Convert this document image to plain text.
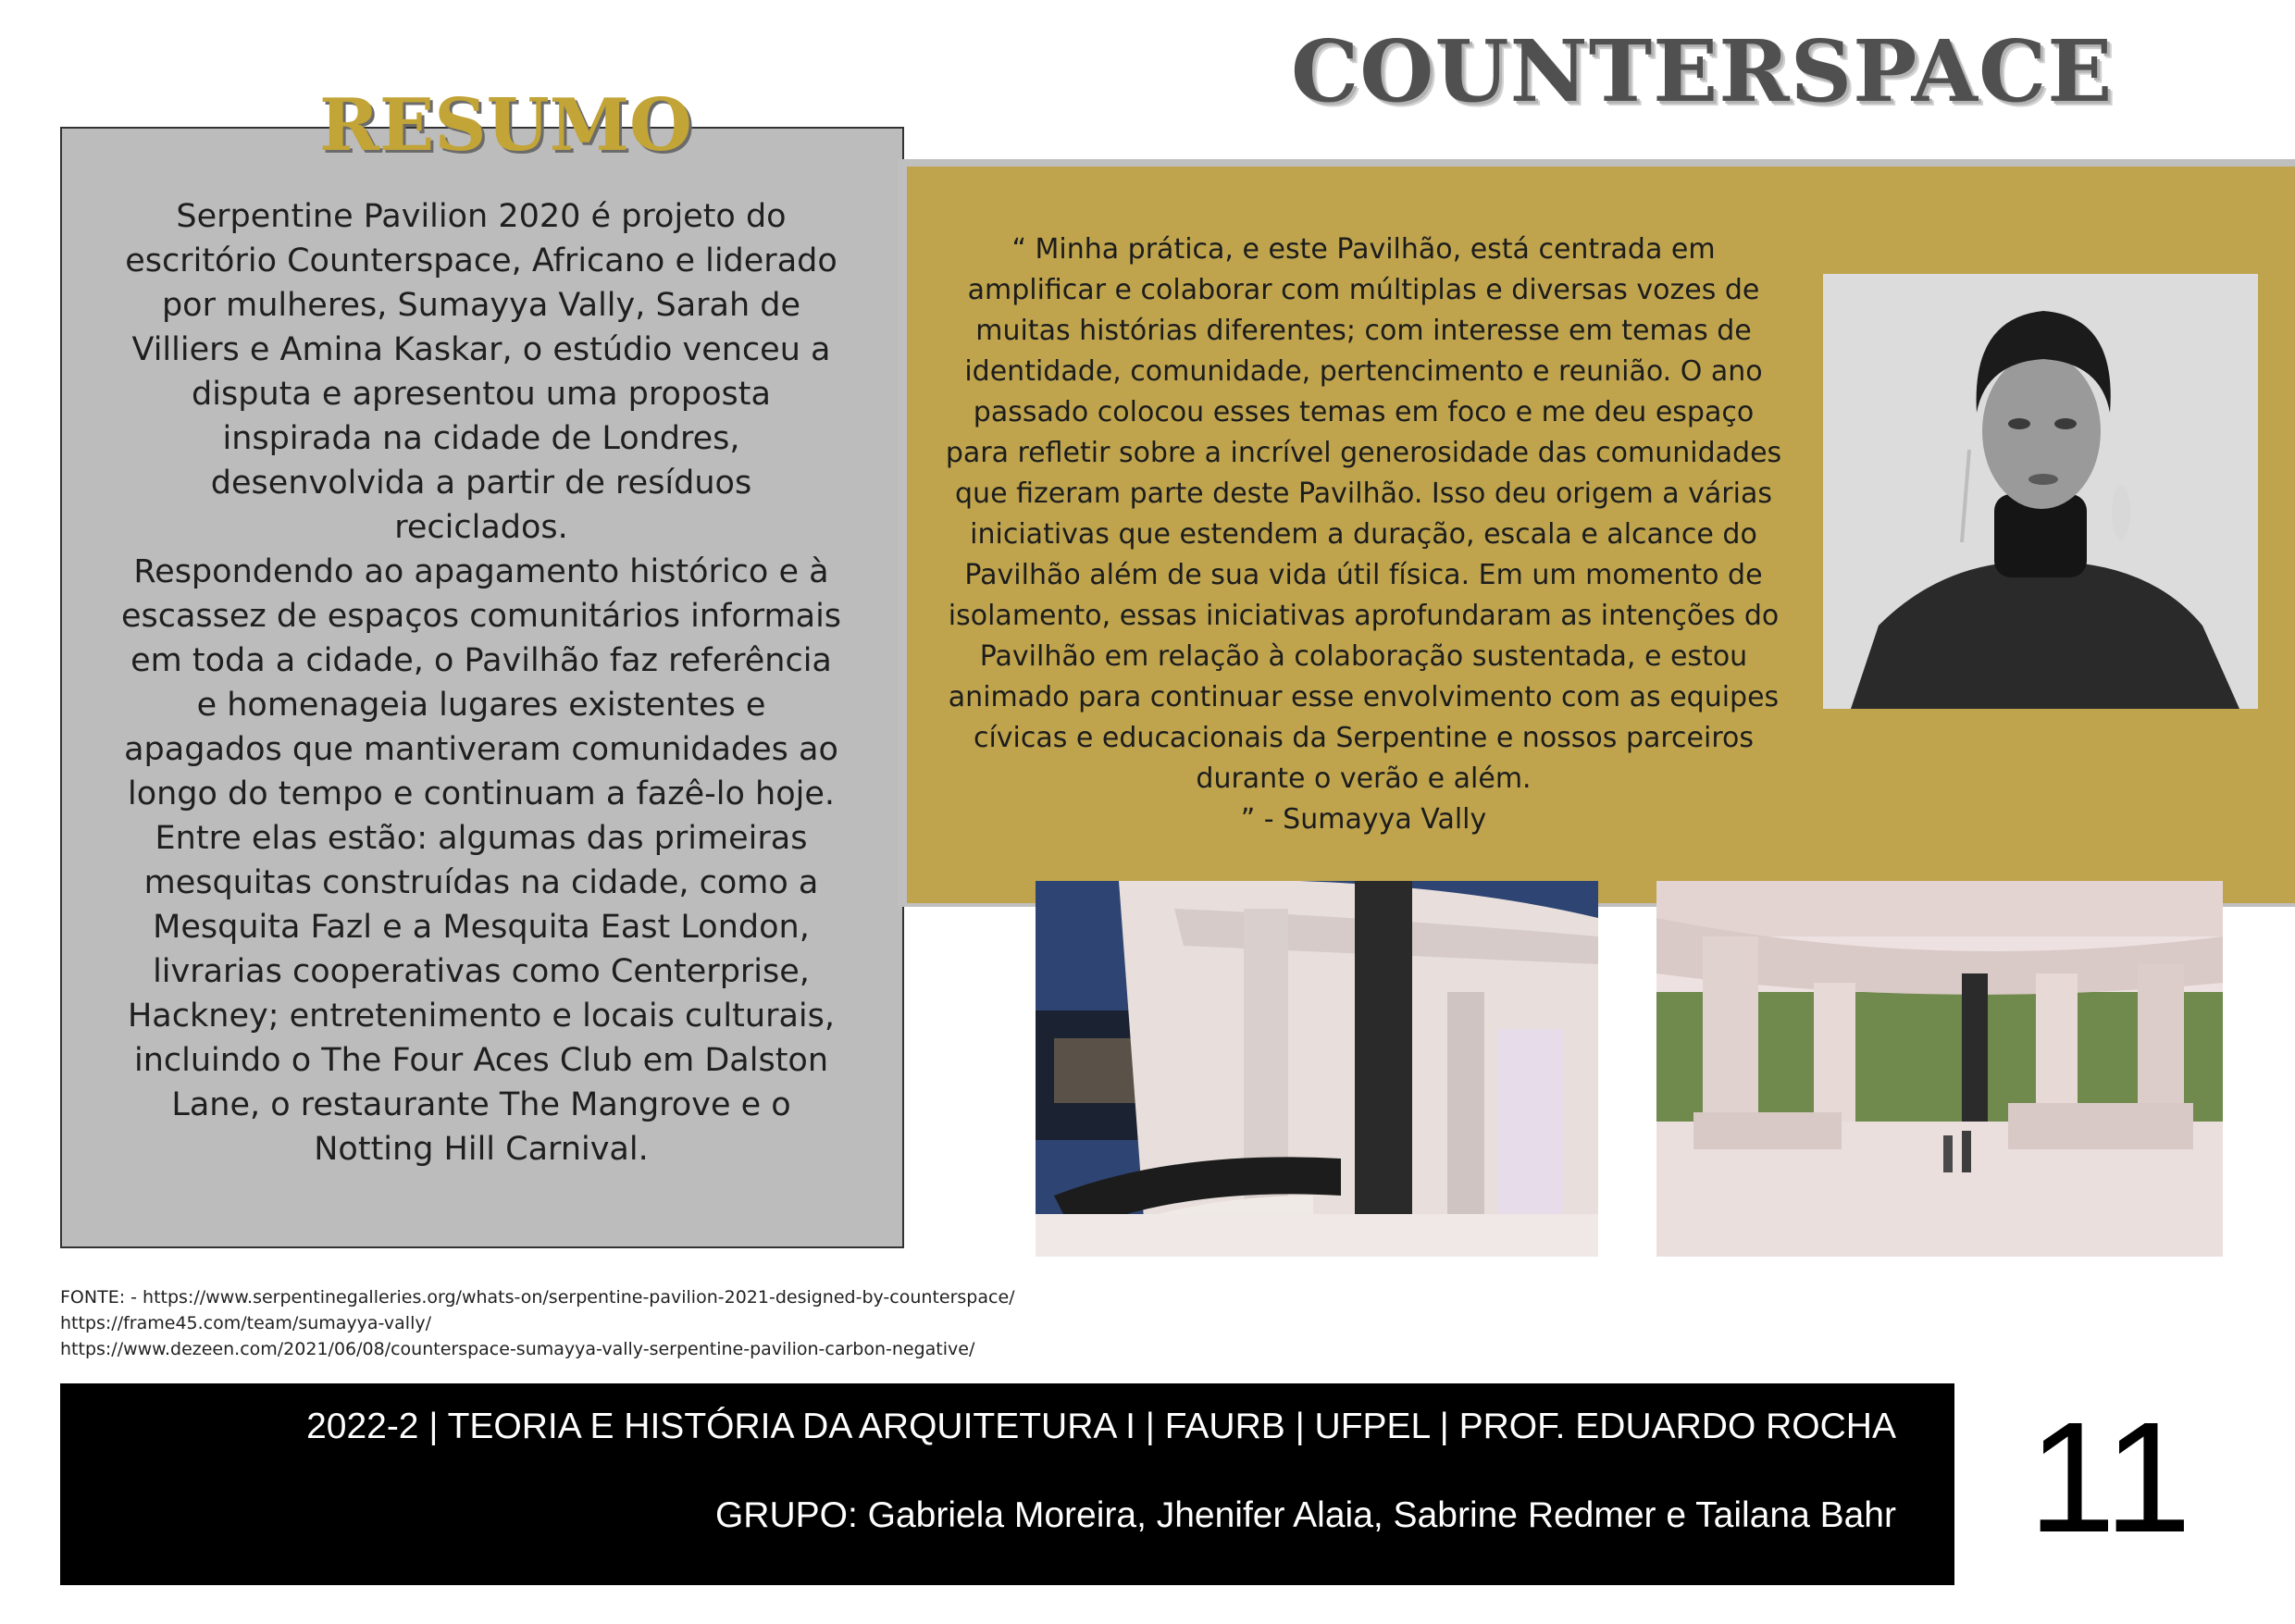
COUNTERSPACE
RESUMO

Serpentine Pavilion 2020 é projeto do escritório Counterspace, Africano e liderado por mulheres, Sumayya Vally, Sarah de Villiers e Amina Kaskar, o estúdio venceu a disputa e apresentou uma proposta inspirada na cidade de Londres, desenvolvida a partir de resíduos reciclados.

Respondendo ao apagamento histórico e à escassez de espaços comunitários informais em toda a cidade, o Pavilhão faz referência e homenageia lugares existentes e apagados que mantiveram comunidades ao longo do tempo e continuam a fazê-lo hoje. Entre elas estão: algumas das primeiras mesquitas construídas na cidade, como a Mesquita Fazl e a Mesquita East London, livrarias cooperativas como Centerprise, Hackney; entretenimento e locais culturais, incluindo o The Four Aces Club em Dalston Lane, o restaurante The Mangrove e o Notting Hill Carnival.

“ Minha prática, e este Pavilhão, está centrada em amplificar e colaborar com múltiplas e diversas vozes de muitas histórias diferentes; com interesse em temas de identidade, comunidade, pertencimento e reunião. O ano passado colocou esses temas em foco e me deu espaço para refletir sobre a incrível generosidade das comunidades que fizeram parte deste Pavilhão. Isso deu origem a várias iniciativas que estendem a duração, escala e alcance do Pavilhão além de sua vida útil física. Em um momento de isolamento, essas iniciativas aprofundaram as intenções do Pavilhão em relação à colaboração sustentada, e estou animado para continuar esse envolvimento com as equipes cívicas e educacionais da Serpentine e nossos parceiros durante o verão e além.

” - Sumayya Vally

FONTE: - https://www.serpentinegalleries.org/whats-on/serpentine-pavilion-2021-designed-by-counterspace/
https://frame45.com/team/sumayya-vally/
https://www.dezeen.com/2021/06/08/counterspace-sumayya-vally-serpentine-pavilion-carbon-negative/
2022-2 | TEORIA E HISTÓRIA DA ARQUITETURA I | FAURB | UFPEL | PROF. EDUARDO ROCHA
GRUPO: Gabriela Moreira, Jhenifer Alaia, Sabrine Redmer e Tailana Bahr 11
